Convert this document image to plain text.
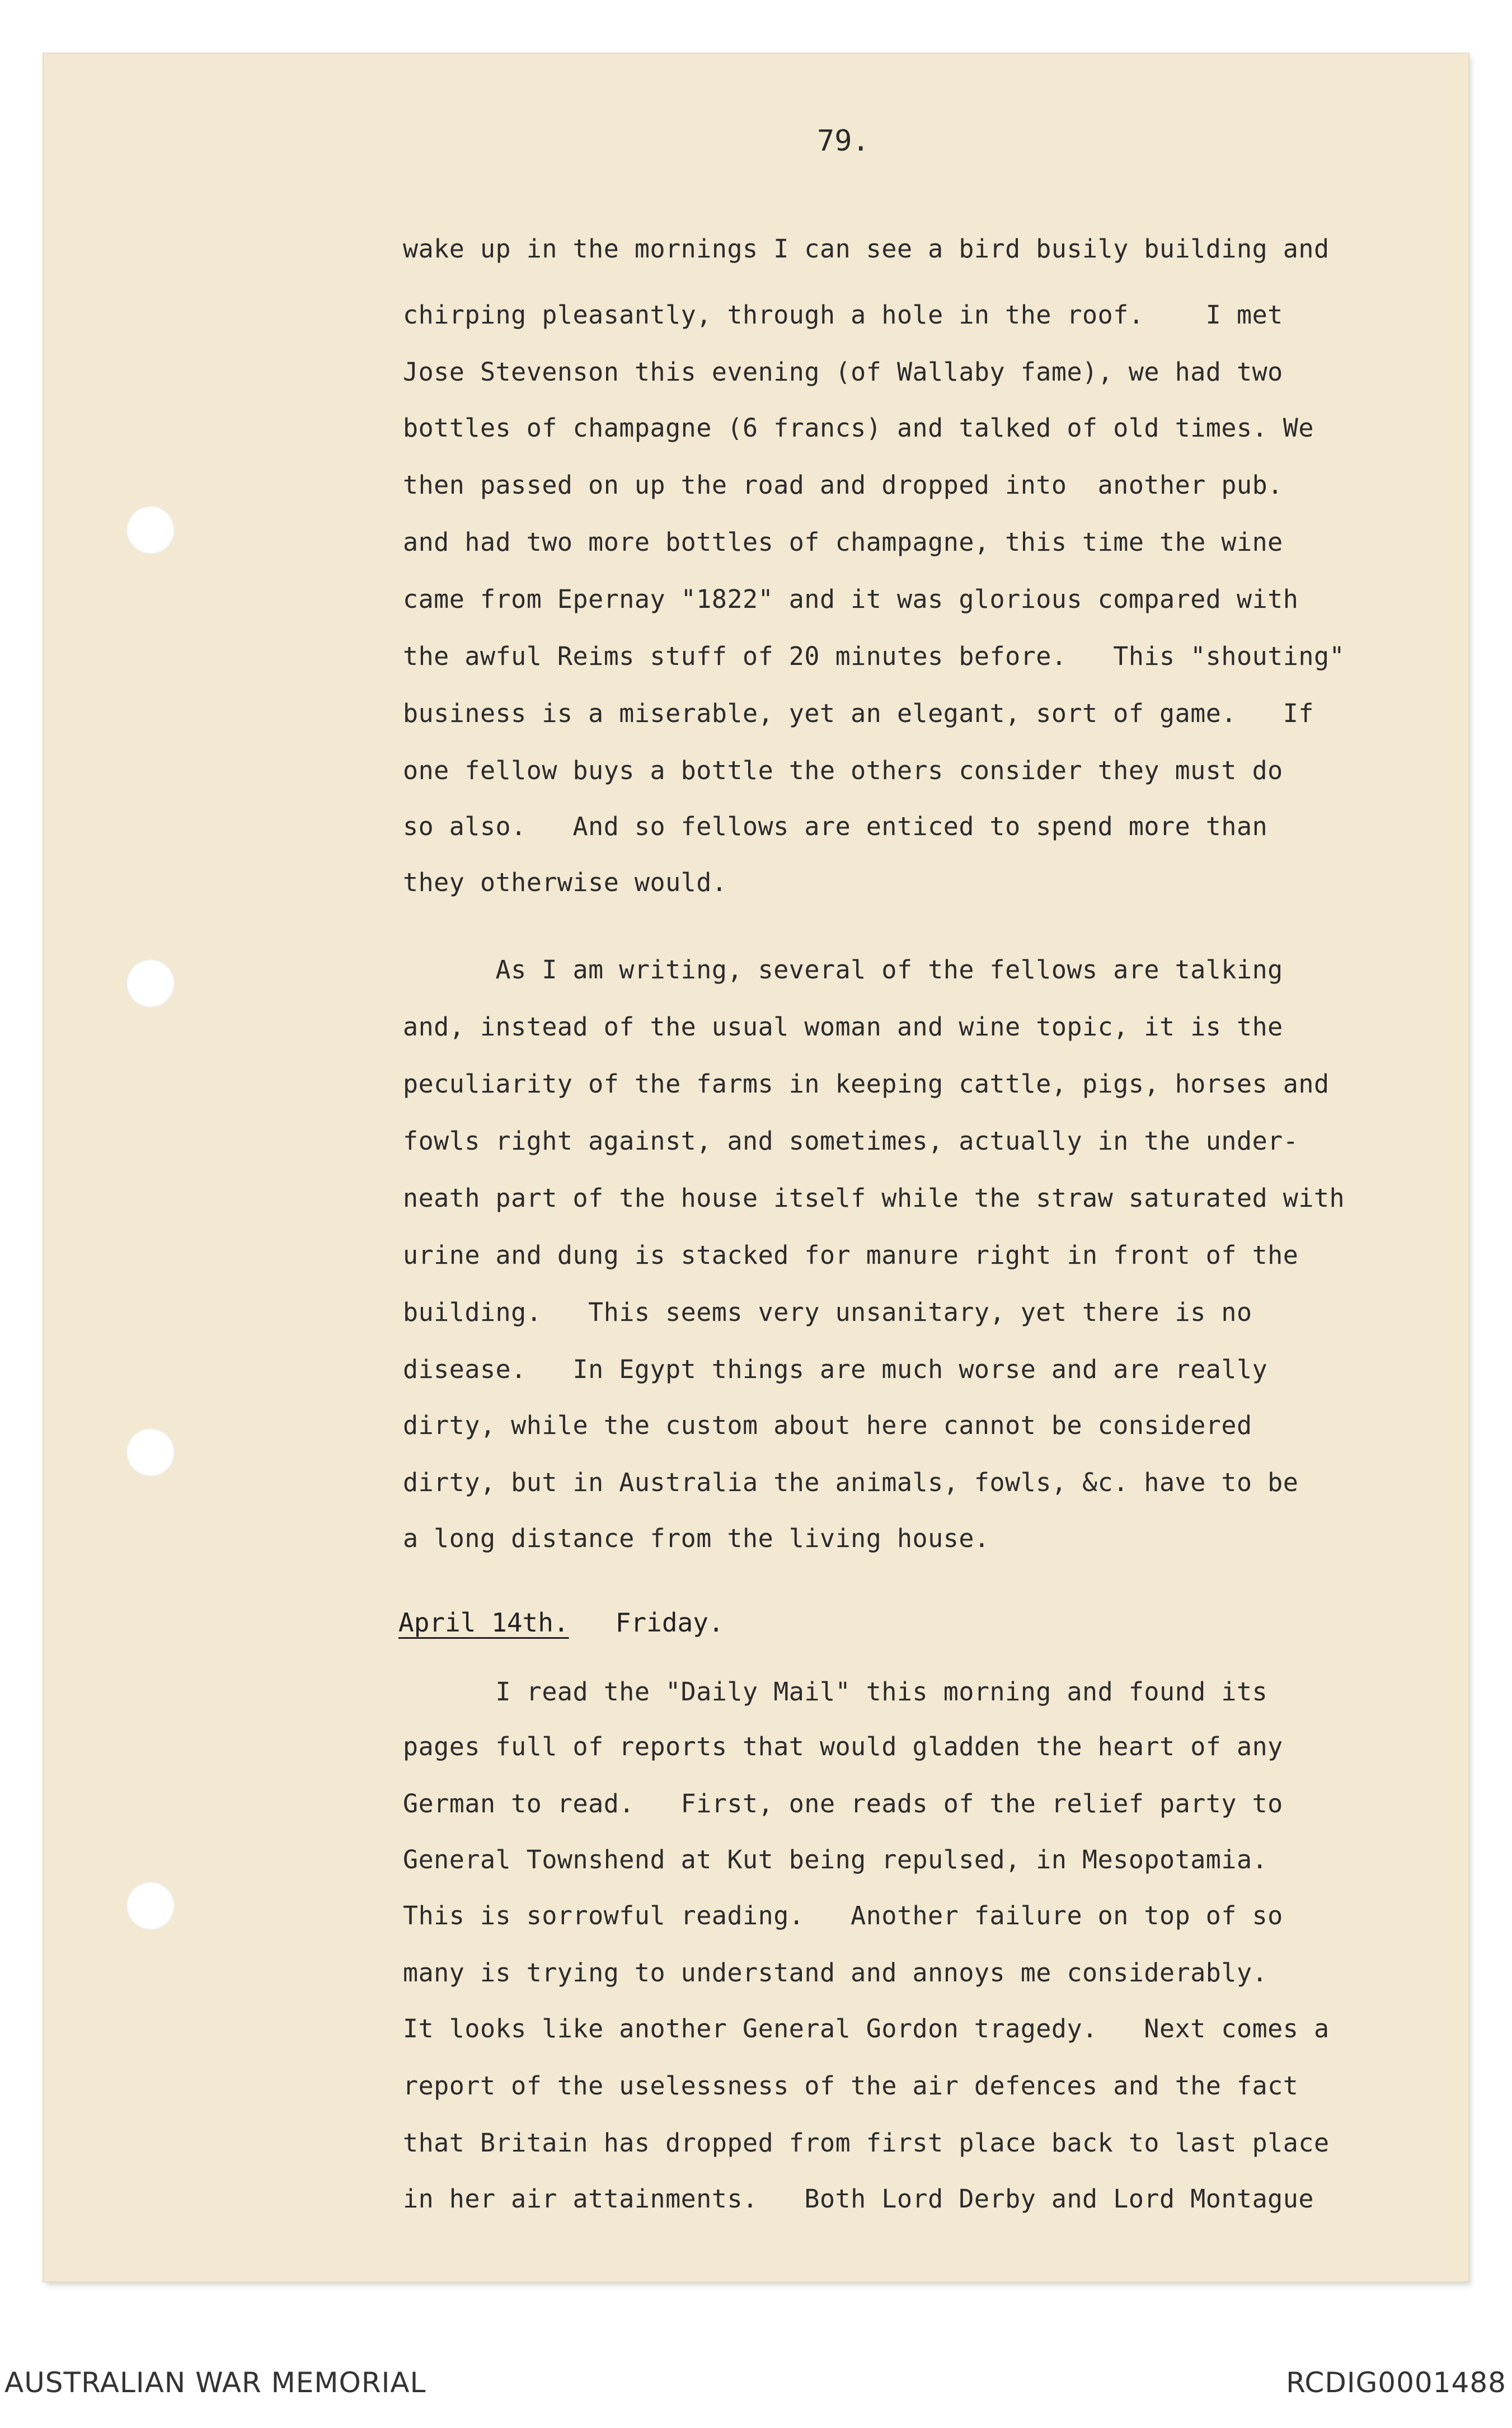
79.
wake up in the mornings I can see a bird busily building and
chirping pleasantly, through a hole in the roof.    I met
Jose Stevenson this evening (of Wallaby fame), we had two
bottles of champagne (6 francs) and talked of old times. We
then passed on up the road and dropped into  another pub.
and had two more bottles of champagne, this time the wine
came from Epernay "1822" and it was glorious compared with
the awful Reims stuff of 20 minutes before.   This "shouting"
business is a miserable, yet an elegant, sort of game.   If
one fellow buys a bottle the others consider they must do
so also.   And so fellows are enticed to spend more than
they otherwise would.
As I am writing, several of the fellows are talking
and, instead of the usual woman and wine topic, it is the
peculiarity of the farms in keeping cattle, pigs, horses and
fowls right against, and sometimes, actually in the under-
neath part of the house itself while the straw saturated with
urine and dung is stacked for manure right in front of the
building.   This seems very unsanitary, yet there is no
disease.   In Egypt things are much worse and are really
dirty, while the custom about here cannot be considered
dirty, but in Australia the animals, fowls, &c. have to be
a long distance from the living house.
April 14th. Friday.
I read the "Daily Mail" this morning and found its
pages full of reports that would gladden the heart of any
German to read.   First, one reads of the relief party to
General Townshend at Kut being repulsed, in Mesopotamia.
This is sorrowful reading.   Another failure on top of so
many is trying to understand and annoys me considerably.
It looks like another General Gordon tragedy.   Next comes a
report of the uselessness of the air defences and the fact
that Britain has dropped from first place back to last place
in her air attainments.   Both Lord Derby and Lord Montague
AUSTRALIAN WAR MEMORIAL	RCDIG0001488
